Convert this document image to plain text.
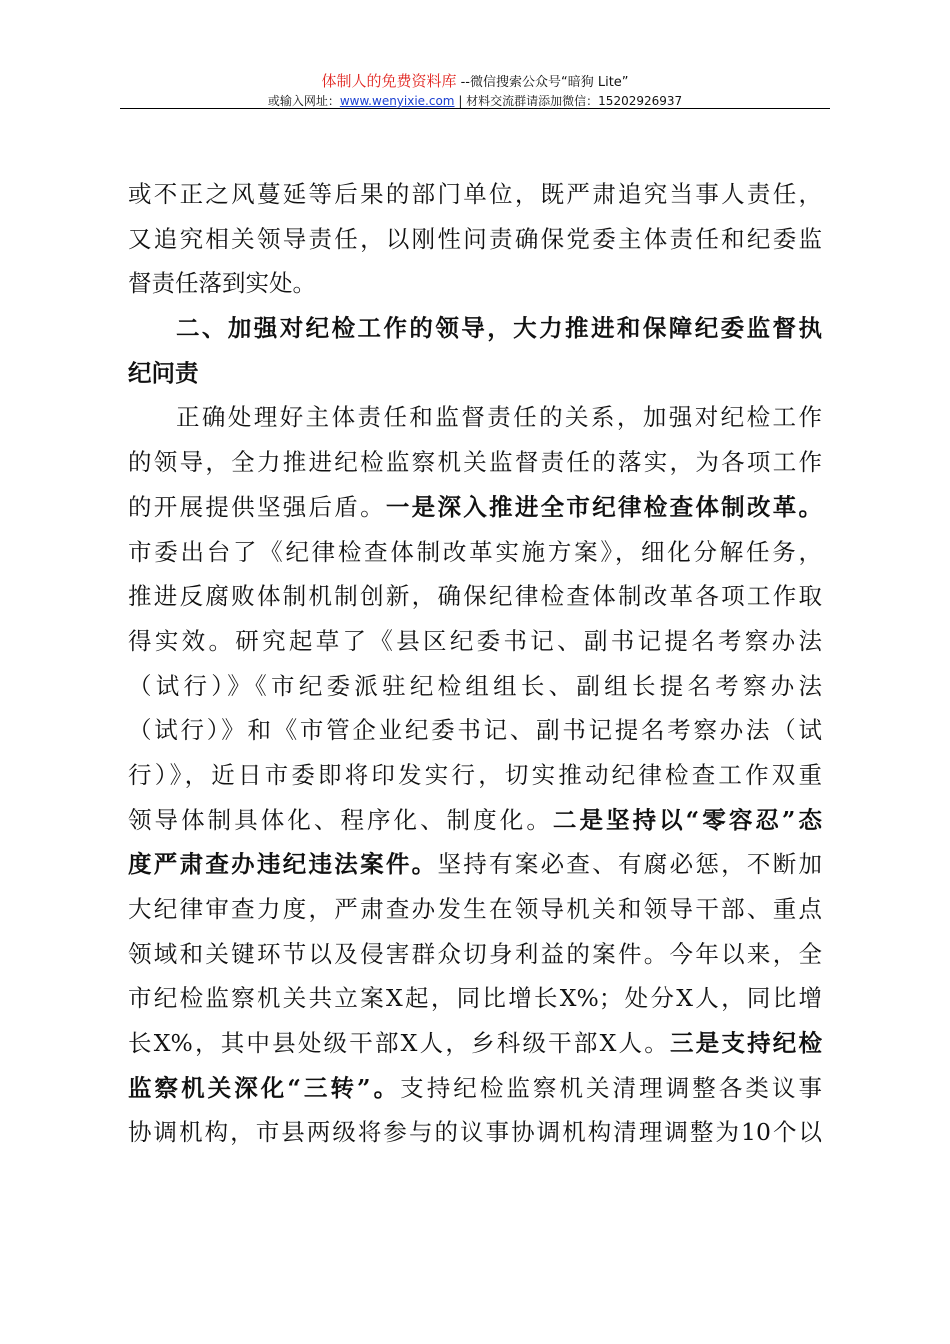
体制人的免费资料库 --微信搜索公众号“暗狗 Lite”
或输入网址：www.wenyixie.com | 材料交流群请添加微信：15202926937
或不正之风蔓延等后果的部门单位，既严肃追究当事人责任，
又追究相关领导责任，以刚性问责确保党委主体责任和纪委监
督责任落到实处。
二、加强对纪检工作的领导，大力推进和保障纪委监督执
纪问责
正确处理好主体责任和监督责任的关系，加强对纪检工作
的领导，全力推进纪检监察机关监督责任的落实，为各项工作
的开展提供坚强后盾。一是深入推进全市纪律检查体制改革。
市委出台了《纪律检查体制改革实施方案》，细化分解任务，
推进反腐败体制机制创新，确保纪律检查体制改革各项工作取
得实效。研究起草了《县区纪委书记、副书记提名考察办法
（试行）》《市纪委派驻纪检组组长、副组长提名考察办法
（试行）》和《市管企业纪委书记、副书记提名考察办法（试
行）》，近日市委即将印发实行，切实推动纪律检查工作双重
领导体制具体化、程序化、制度化。二是坚持以“零容忍”态
度严肃查办违纪违法案件。坚持有案必查、有腐必惩，不断加
大纪律审查力度，严肃查办发生在领导机关和领导干部、重点
领域和关键环节以及侵害群众切身利益的案件。今年以来，全
市纪检监察机关共立案X起，同比增长X%；处分X人，同比增
长X%，其中县处级干部X人，乡科级干部X人。三是支持纪检
监察机关深化“三转”。支持纪检监察机关清理调整各类议事
协调机构，市县两级将参与的议事协调机构清理调整为10个以
